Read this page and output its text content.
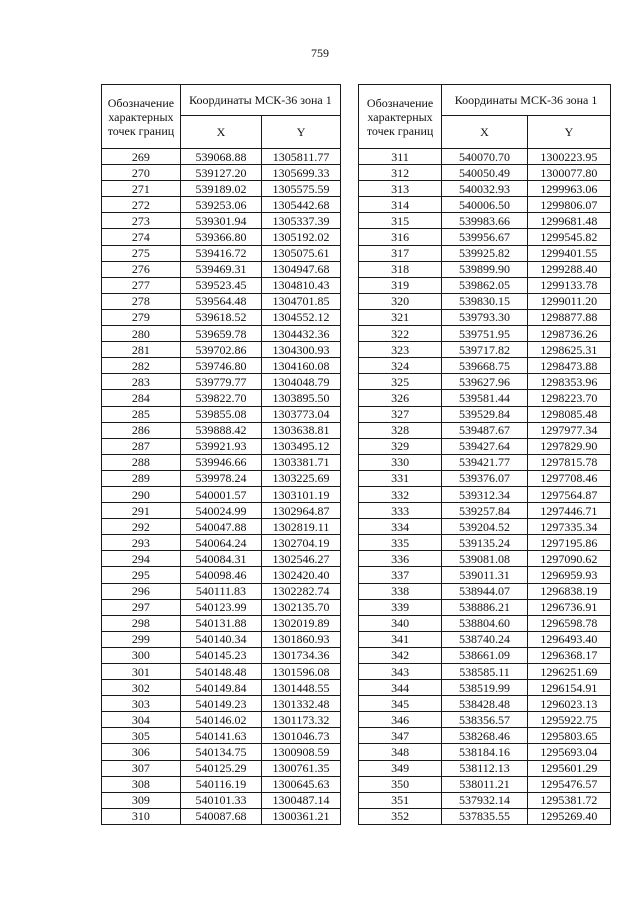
759
Обозначение характерных точек границ	Координаты МСК-36 зона 1	
	X	Y
269	539068.88	1305811.77
270	539127.20	1305699.33
271	539189.02	1305575.59
272	539253.06	1305442.68
273	539301.94	1305337.39
274	539366.80	1305192.02
275	539416.72	1305075.61
276	539469.31	1304947.68
277	539523.45	1304810.43
278	539564.48	1304701.85
279	539618.52	1304552.12
280	539659.78	1304432.36
281	539702.86	1304300.93
282	539746.80	1304160.08
283	539779.77	1304048.79
284	539822.70	1303895.50
285	539855.08	1303773.04
286	539888.42	1303638.81
287	539921.93	1303495.12
288	539946.66	1303381.71
289	539978.24	1303225.69
290	540001.57	1303101.19
291	540024.99	1302964.87
292	540047.88	1302819.11
293	540064.24	1302704.19
294	540084.31	1302546.27
295	540098.46	1302420.40
296	540111.83	1302282.74
297	540123.99	1302135.70
298	540131.88	1302019.89
299	540140.34	1301860.93
300	540145.23	1301734.36
301	540148.48	1301596.08
302	540149.84	1301448.55
303	540149.23	1301332.48
304	540146.02	1301173.32
305	540141.63	1301046.73
306	540134.75	1300908.59
307	540125.29	1300761.35
308	540116.19	1300645.63
309	540101.33	1300487.14
310	540087.68	1300361.21
Обозначение характерных точек границ	Координаты МСК-36 зона 1	
	X	Y
311	540070.70	1300223.95
312	540050.49	1300077.80
313	540032.93	1299963.06
314	540006.50	1299806.07
315	539983.66	1299681.48
316	539956.67	1299545.82
317	539925.82	1299401.55
318	539899.90	1299288.40
319	539862.05	1299133.78
320	539830.15	1299011.20
321	539793.30	1298877.88
322	539751.95	1298736.26
323	539717.82	1298625.31
324	539668.75	1298473.88
325	539627.96	1298353.96
326	539581.44	1298223.70
327	539529.84	1298085.48
328	539487.67	1297977.34
329	539427.64	1297829.90
330	539421.77	1297815.78
331	539376.07	1297708.46
332	539312.34	1297564.87
333	539257.84	1297446.71
334	539204.52	1297335.34
335	539135.24	1297195.86
336	539081.08	1297090.62
337	539011.31	1296959.93
338	538944.07	1296838.19
339	538886.21	1296736.91
340	538804.60	1296598.78
341	538740.24	1296493.40
342	538661.09	1296368.17
343	538585.11	1296251.69
344	538519.99	1296154.91
345	538428.48	1296023.13
346	538356.57	1295922.75
347	538268.46	1295803.65
348	538184.16	1295693.04
349	538112.13	1295601.29
350	538011.21	1295476.57
351	537932.14	1295381.72
352	537835.55	1295269.40
